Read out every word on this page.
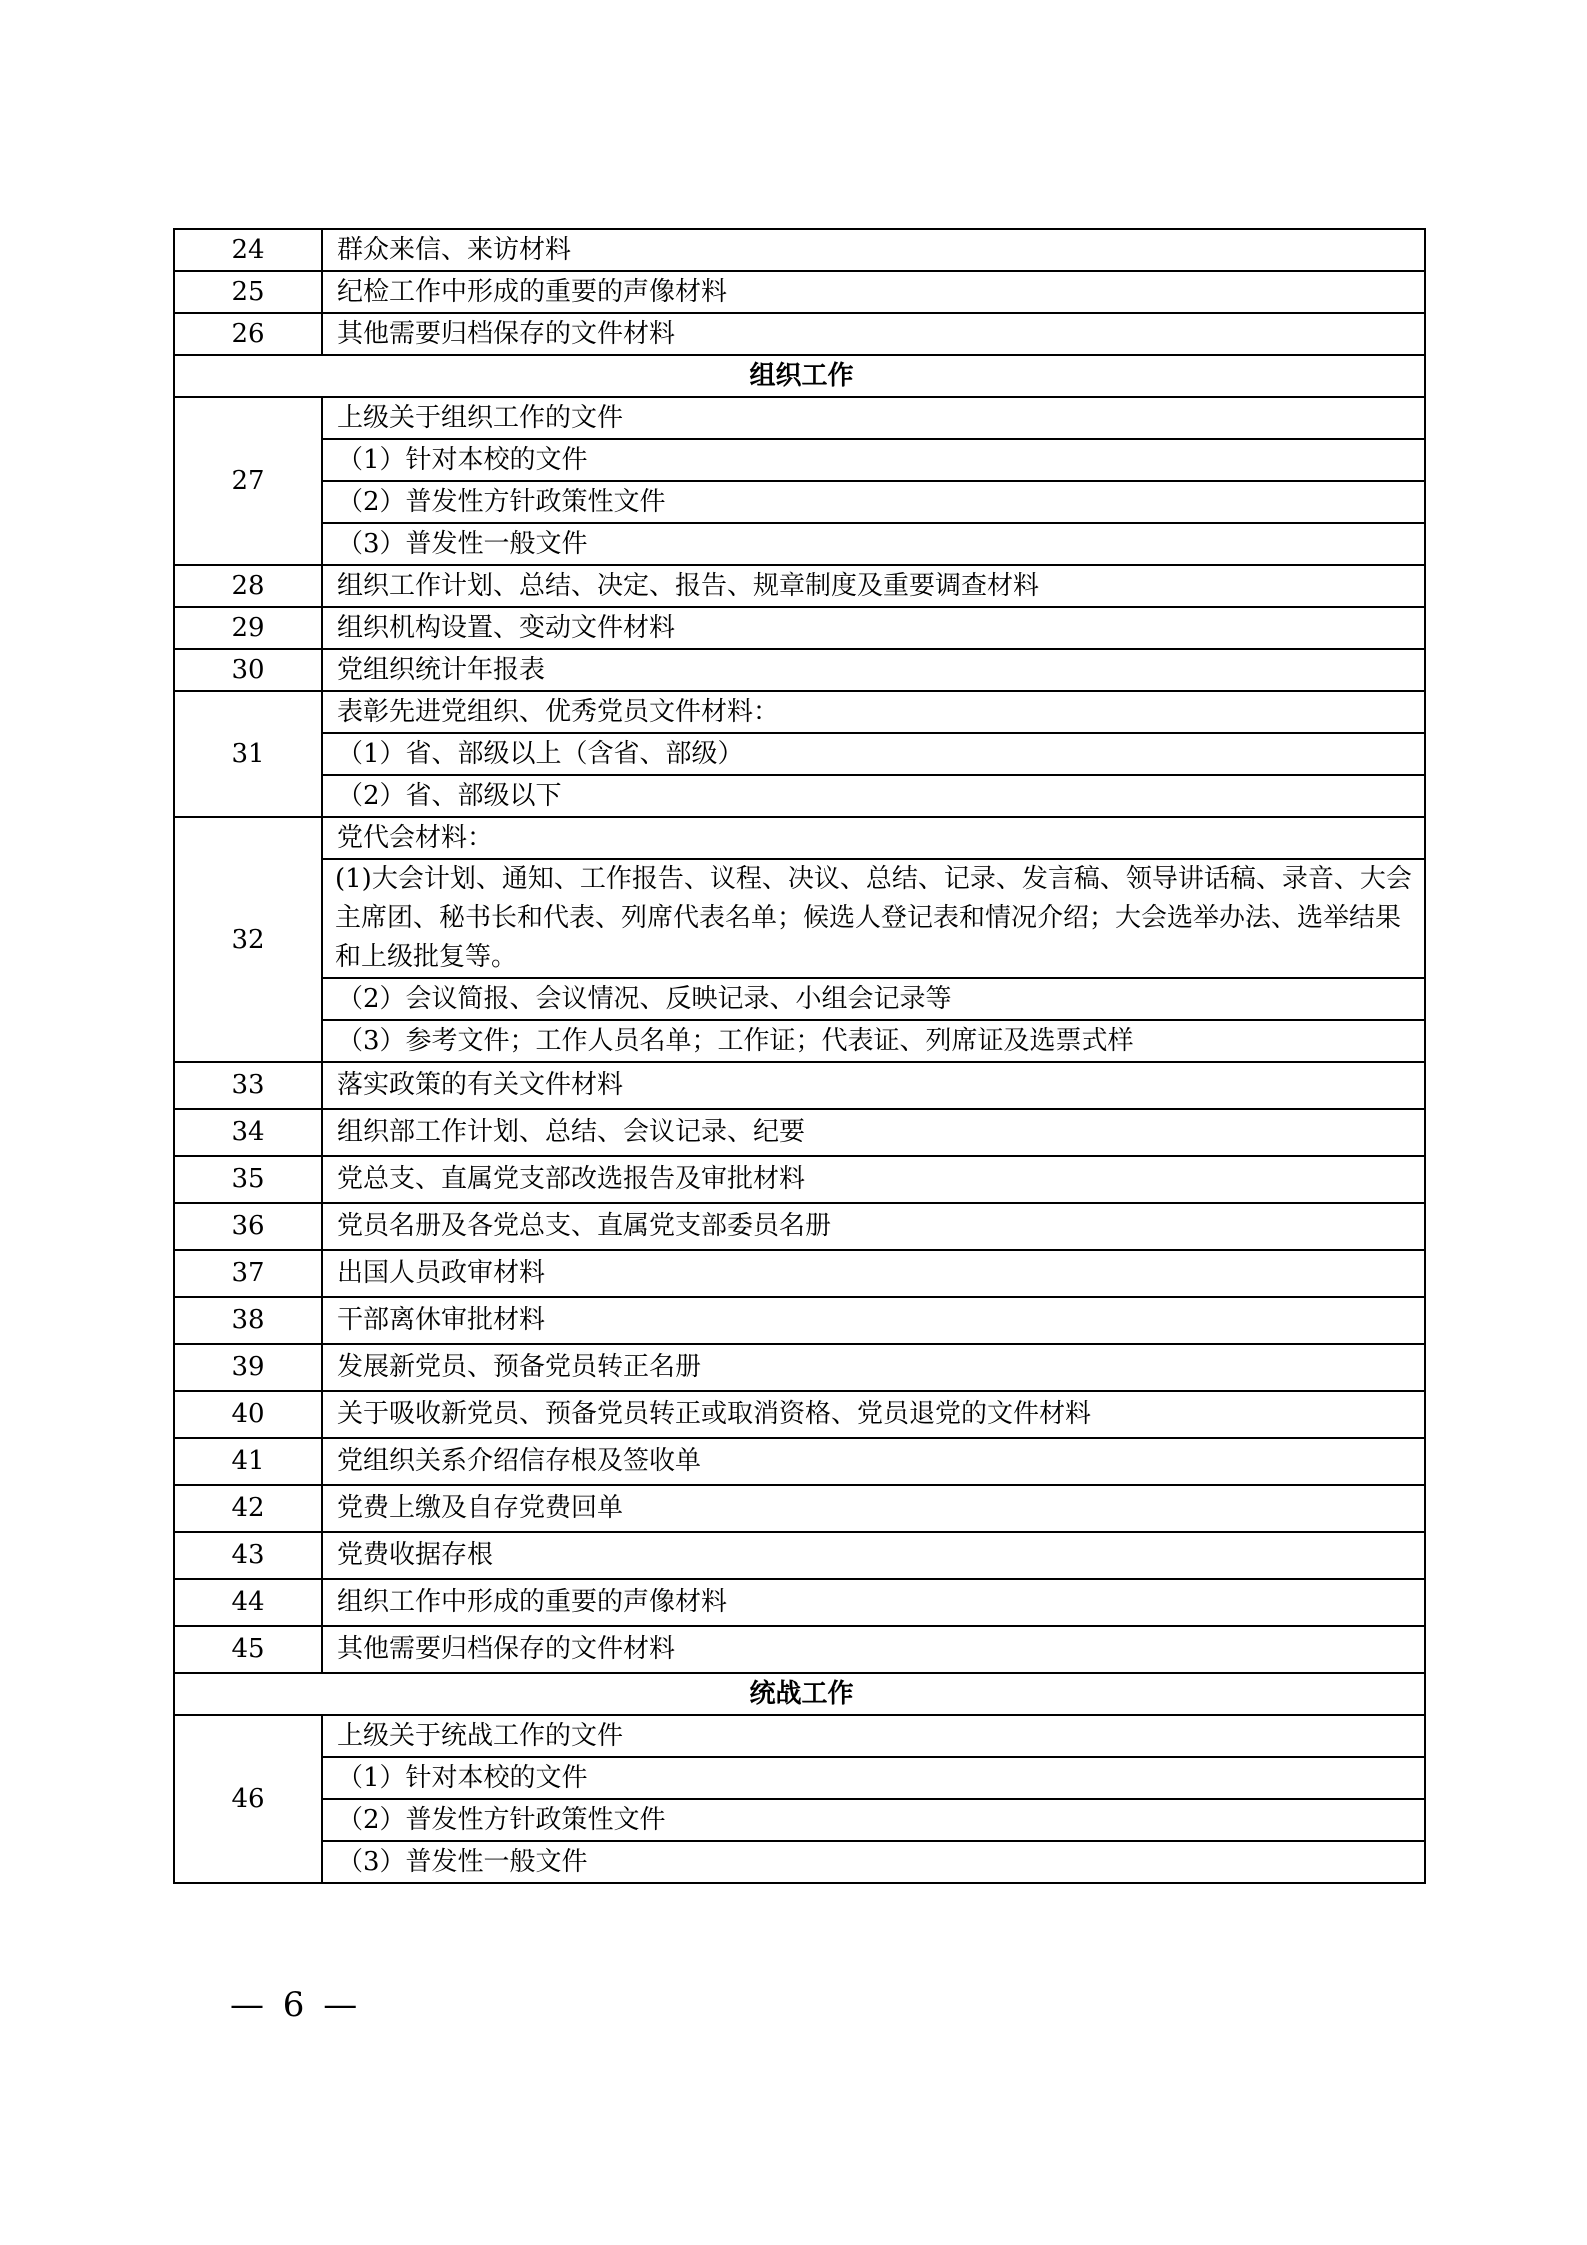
24	群众来信、来访材料
25	纪检工作中形成的重要的声像材料
26	其他需要归档保存的文件材料
组织工作	
27	上级关于组织工作的文件
	（1）针对本校的文件
	（2）普发性方针政策性文件
	（3）普发性一般文件
28	组织工作计划、总结、决定、报告、规章制度及重要调查材料
29	组织机构设置、变动文件材料
30	党组织统计年报表
31	表彰先进党组织、优秀党员文件材料：
	（1）省、部级以上（含省、部级）
	（2）省、部级以下
32	党代会材料：
	(1)大会计划、通知、工作报告、议程、决议、总结、记录、发言稿、领导讲话稿、录音、大会主席团、秘书长和代表、列席代表名单；候选人登记表和情况介绍；大会选举办法、选举结果和上级批复等。
	（2）会议简报、会议情况、反映记录、小组会记录等
	（3）参考文件；工作人员名单；工作证；代表证、列席证及选票式样
33	落实政策的有关文件材料
34	组织部工作计划、总结、会议记录、纪要
35	党总支、直属党支部改选报告及审批材料
36	党员名册及各党总支、直属党支部委员名册
37	出国人员政审材料
38	干部离休审批材料
39	发展新党员、预备党员转正名册
40	关于吸收新党员、预备党员转正或取消资格、党员退党的文件材料
41	党组织关系介绍信存根及签收单
42	党费上缴及自存党费回单
43	党费收据存根
44	组织工作中形成的重要的声像材料
45	其他需要归档保存的文件材料
统战工作	
46	上级关于统战工作的文件
	（1）针对本校的文件
	（2）普发性方针政策性文件
	（3）普发性一般文件
— 6 —
